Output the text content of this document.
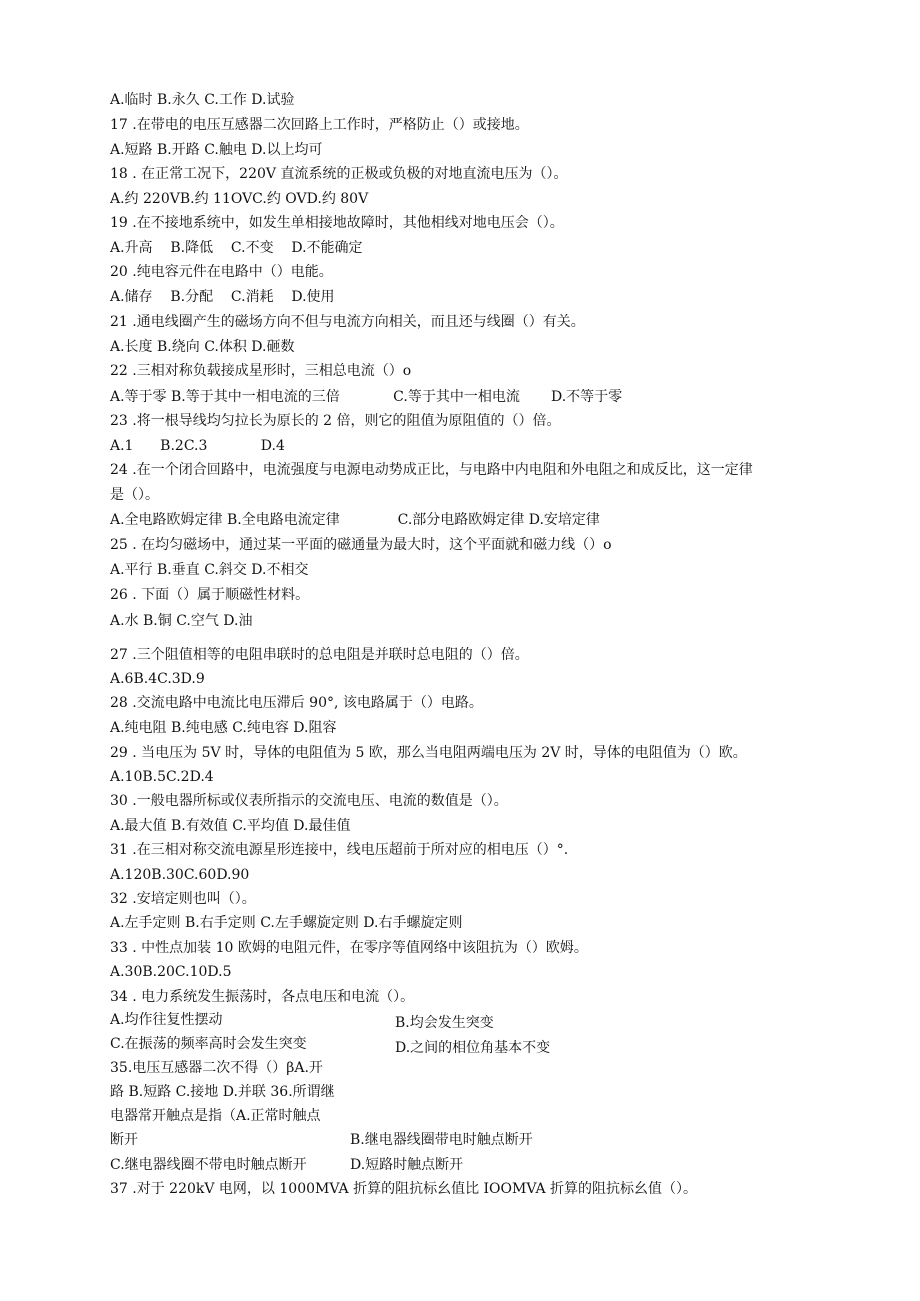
A.临时 B.永久 C.工作 D.试验
17 .在带电的电压互感器二次回路上工作时，严格防止（）或接地。
A.短路 B.开路 C.触电 D.以上均可
18 . 在正常工况下，220V 直流系统的正极或负极的对地直流电压为（）。
A.约 220VB.约 11OVC.约 OVD.约 80V
19 .在不接地系统中，如发生单相接地故障时，其他相线对地电压会（）。
A.升高    B.降低    C.不变    D.不能确定
20 .纯电容元件在电路中（）电能。
A.储存    B.分配    C.消耗    D.使用
21 .通电线圈产生的磁场方向不但与电流方向相关，而且还与线圈（）有关。
A.长度 B.绕向 C.体积 D.砸数
22 .三相对称负载接成星形时，三相总电流（）o
A.等于零 B.等于其中一相电流的三倍            C.等于其中一相电流       D.不等于零
23 .将一根导线均匀拉长为原长的 2 倍，则它的阻值为原阻值的（）倍。
A.1      B.2C.3            D.4
24 .在一个闭合回路中，电流强度与电源电动势成正比，与电路中内电阻和外电阻之和成反比，这一定律
是（）。
A.全电路欧姆定律 B.全电路电流定律             C.部分电路欧姆定律 D.安培定律
25 . 在均匀磁场中，通过某一平面的磁通量为最大时，这个平面就和磁力线（）o
A.平行 B.垂直 C.斜交 D.不相交
26 . 下面（）属于顺磁性材料。
A.水 B.铜 C.空气 D.油
27 .三个阻值相等的电阻串联时的总电阻是并联时总电阻的（）倍。
A.6B.4C.3D.9
28 .交流电路中电流比电压滞后 90°, 该电路属于（）电路。
A.纯电阻 B.纯电感 C.纯电容 D.阻容
29 . 当电压为 5V 时，导体的电阻值为 5 欧，那么当电阻两端电压为 2V 时，导体的电阻值为（）欧。
A.10B.5C.2D.4
30 .一般电器所标或仪表所指示的交流电压、电流的数值是（）。
A.最大值 B.有效值 C.平均值 D.最佳值
31 .在三相对称交流电源星形连接中，线电压超前于所对应的相电压（）°.
A.120B.30C.60D.90
32 .安培定则也叫（）。
A.左手定则 B.右手定则 C.左手螺旋定则 D.右手螺旋定则
33 . 中性点加装 10 欧姆的电阻元件，在零序等值网络中该阻抗为（）欧姆。
A.30B.20C.10D.5
34 . 电力系统发生振荡时，各点电压和电流（）。
A.均作往复性摆动	B.均会发生突变
C.在振荡的频率高时会发生突变	D.之间的相位角基本不变
35.电压互感器二次不得（）βA.开
路 B.短路 C.接地 D.并联 36.所谓继
电器常开触点是指（A.正常时触点
断开	B.继电器线圈带电时触点断开
C.继电器线圈不带电时触点断开	D.短路时触点断开
37 .对于 220kV 电网，以 1000MVA 折算的阻抗标幺值比 IOOMVA 折算的阻抗标幺值（）。
